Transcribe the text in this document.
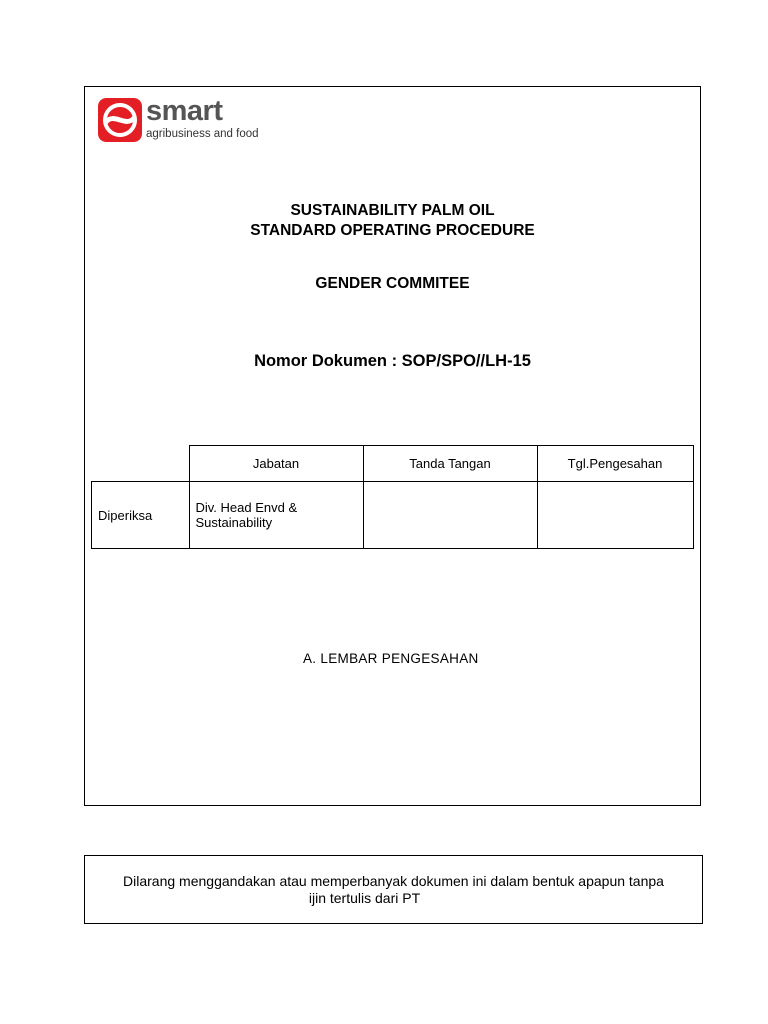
smart
agribusiness and food
SUSTAINABILITY PALM OIL
STANDARD OPERATING PROCEDURE
GENDER COMMITEE
Nomor Dokumen : SOP/SPO//LH-15
	Jabatan	Tanda Tangan	Tgl.Pengesahan
Diperiksa	Div. Head Envd & Sustainability		
A. LEMBAR PENGESAHAN
Dilarang menggandakan atau memperbanyak dokumen ini dalam bentuk apapun tanpa
ijin tertulis dari PT
